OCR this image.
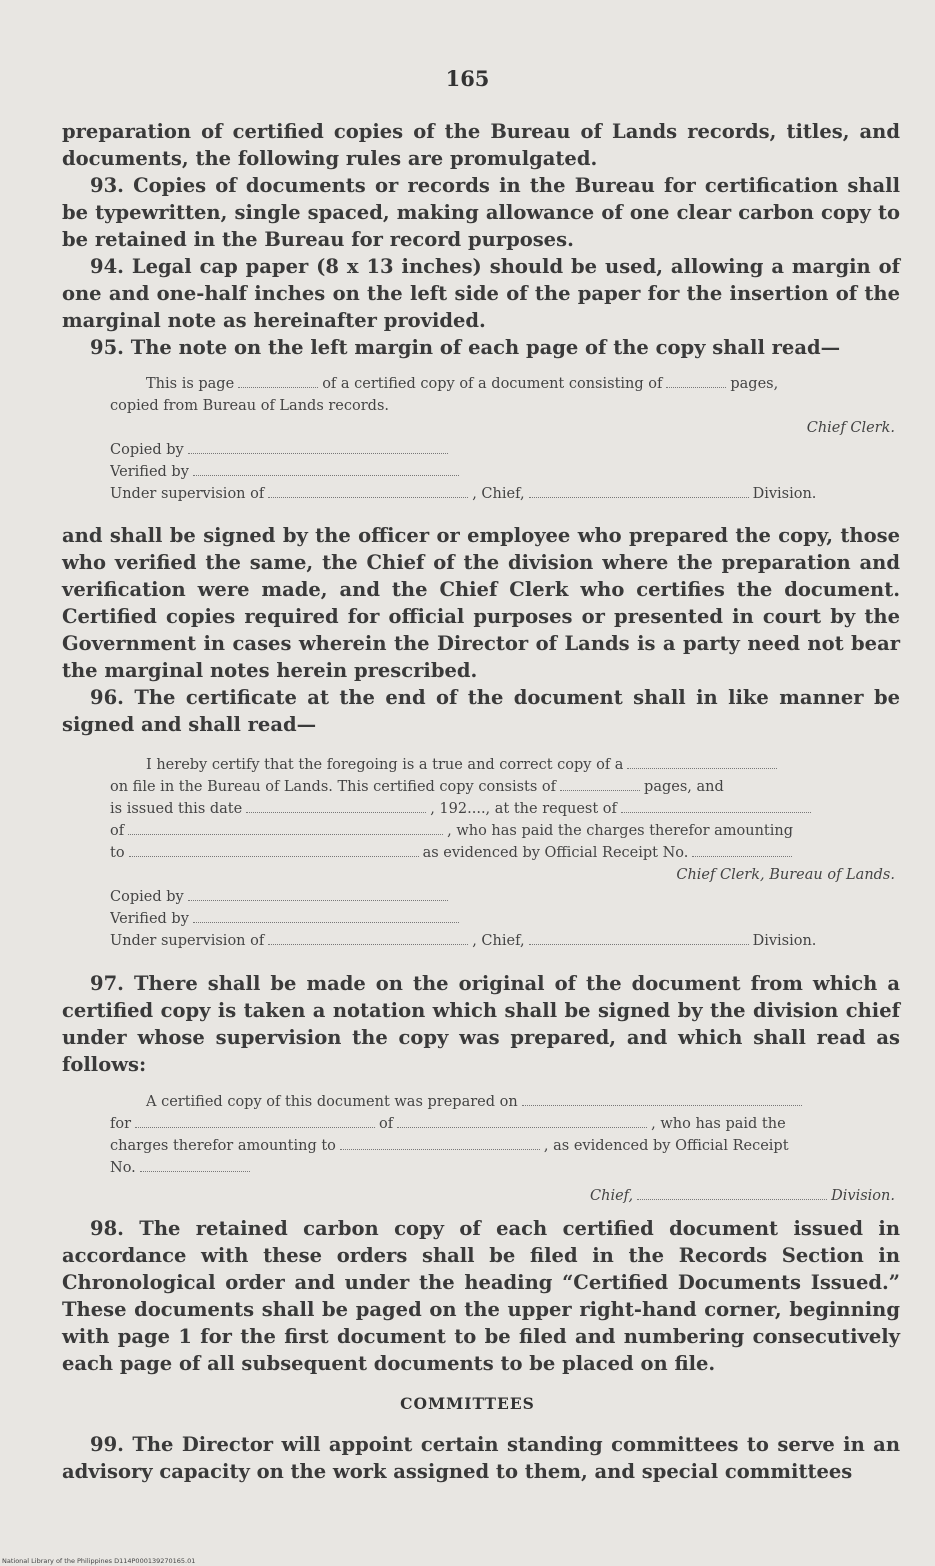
165
preparation of certified copies of the Bureau of Lands records, titles, and documents, the following rules are promulgated.
93. Copies of documents or records in the Bureau for certification shall be typewritten, single spaced, making allowance of one clear carbon copy to be retained in the Bureau for record purposes.
94. Legal cap paper (8 x 13 inches) should be used, allowing a margin of one and one-half inches on the left side of the paper for the insertion of the marginal note as hereinafter provided.
95. The note on the left margin of each page of the copy shall read—
This is page	of a certified copy of a document consisting of	pages,
copied from Bureau of Lands records.
Chief Clerk.
Copied by
Verified by
Under supervision of	, Chief,	Division.
and shall be signed by the officer or employee who prepared the copy, those who verified the same, the Chief of the division where the preparation and verification were made, and the Chief Clerk who certifies the document. Certified copies required for official purposes or presented in court by the Government in cases wherein the Director of Lands is a party need not bear the marginal notes herein prescribed.
96. The certificate at the end of the document shall in like manner be signed and shall read—
I hereby certify that the foregoing is a true and correct copy of a
on file in the Bureau of Lands. This certified copy consists of	pages, and
is issued this date	, 192...., at the request of
of	, who has paid the charges therefor amounting
to	as evidenced by Official Receipt No.
Chief Clerk, Bureau of Lands.
Copied by
Verified by
Under supervision of	, Chief,	Division.
97. There shall be made on the original of the document from which a certified copy is taken a notation which shall be signed by the division chief under whose supervision the copy was prepared, and which shall read as follows:
A certified copy of this document was prepared on
for	of	, who has paid the
charges therefor amounting to	, as evidenced by Official Receipt
No.
Chief,	Division.
98. The retained carbon copy of each certified document issued in accordance with these orders shall be filed in the Records Section in Chronological order and under the heading “Certified Documents Issued.” These documents shall be paged on the upper right-hand corner, beginning with page 1 for the first document to be filed and numbering consecutively each page of all subsequent documents to be placed on file.
COMMITTEES
99. The Director will appoint certain standing committees to serve in an advisory capacity on the work assigned to them, and special committees
National Library of the Philippines D114P000139270165.01
